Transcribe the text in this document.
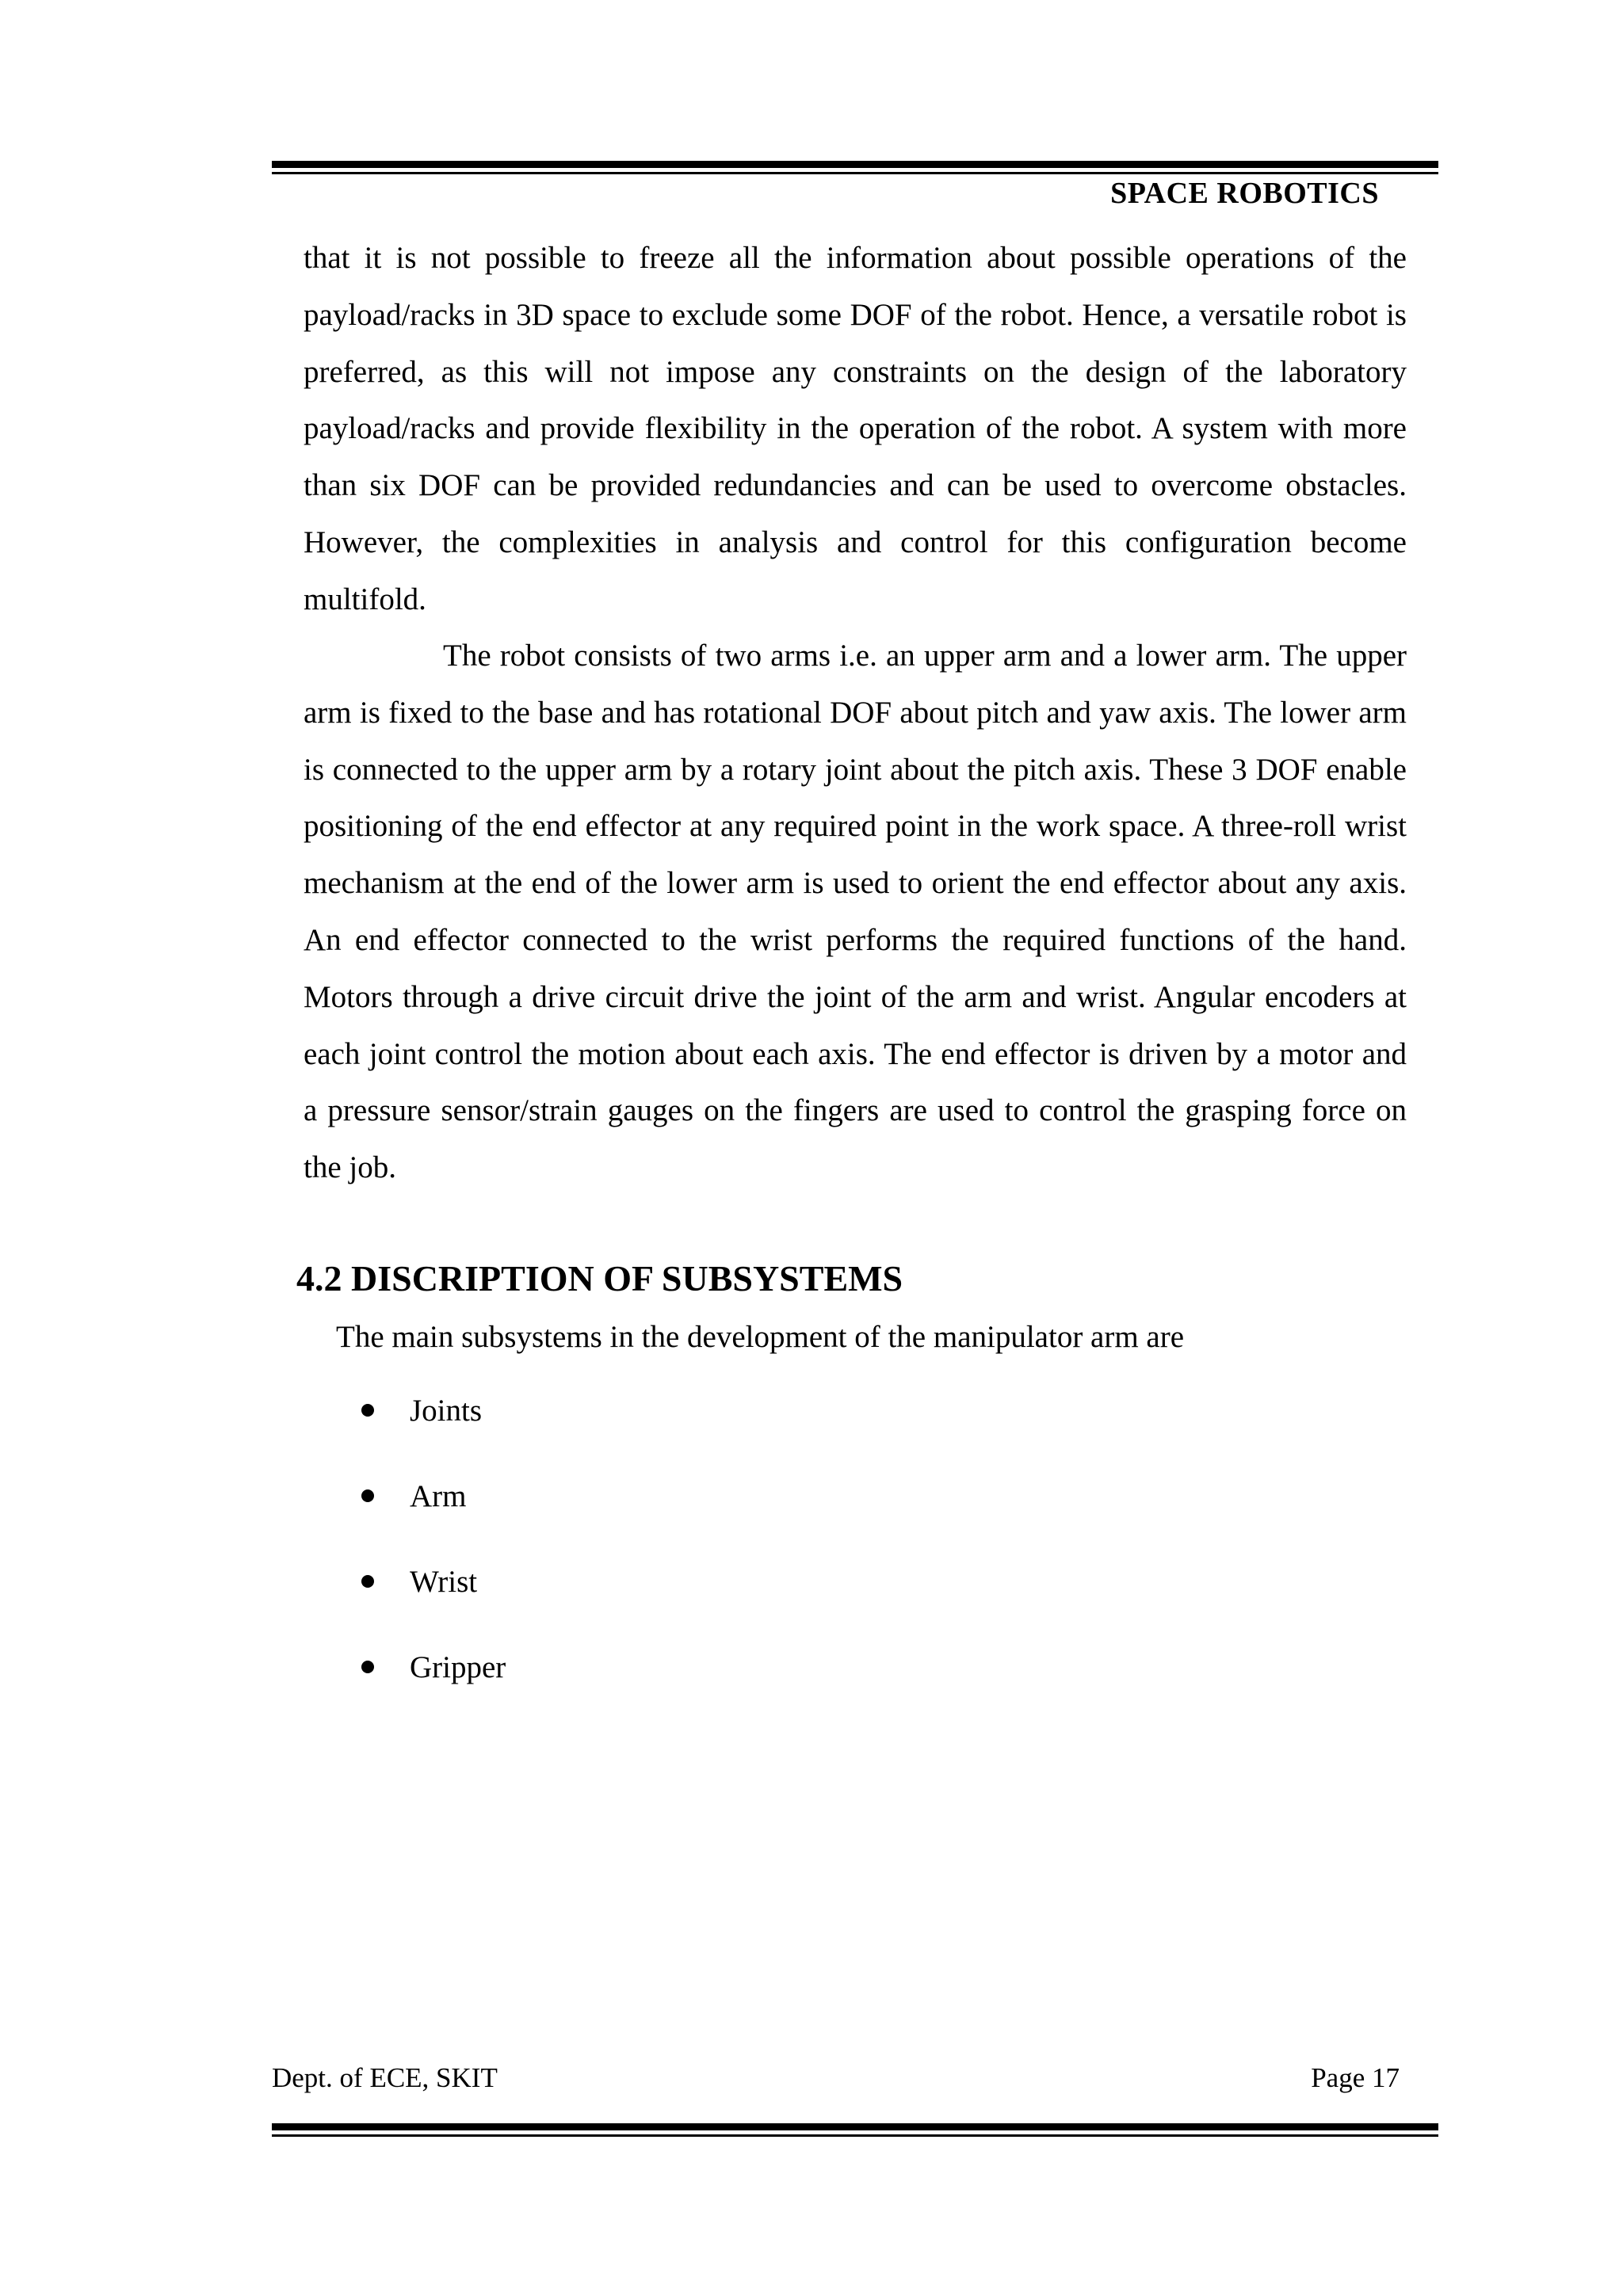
SPACE ROBOTICS

that it is not possible to freeze all the information about possible operations of the payload/racks in 3D space to exclude some DOF of the robot. Hence, a versatile robot is preferred, as this will not impose any constraints on the design of the laboratory payload/racks and provide flexibility in the operation of the robot. A system with more than six DOF can be provided redundancies and can be used to overcome obstacles. However, the complexities in analysis and control for this configuration become multifold.

The robot consists of two arms i.e. an upper arm and a lower arm. The upper arm is fixed to the base and has rotational DOF about pitch and yaw axis. The lower arm is connected to the upper arm by a rotary joint about the pitch axis. These 3 DOF enable positioning of the end effector at any required point in the work space. A three-roll wrist mechanism at the end of the lower arm is used to orient the end effector about any axis. An end effector connected to the wrist performs the required functions of the hand. Motors through a drive circuit drive the joint of the arm and wrist. Angular encoders at each joint control the motion about each axis. The end effector is driven by a motor and a pressure sensor/strain gauges on the fingers are used to control the grasping force on the job.

4.2 DISCRIPTION OF SUBSYSTEMS

The main subsystems in the development of the manipulator arm are

Joints
Arm
Wrist
Gripper
Dept. of ECE, SKIT	Page 17
